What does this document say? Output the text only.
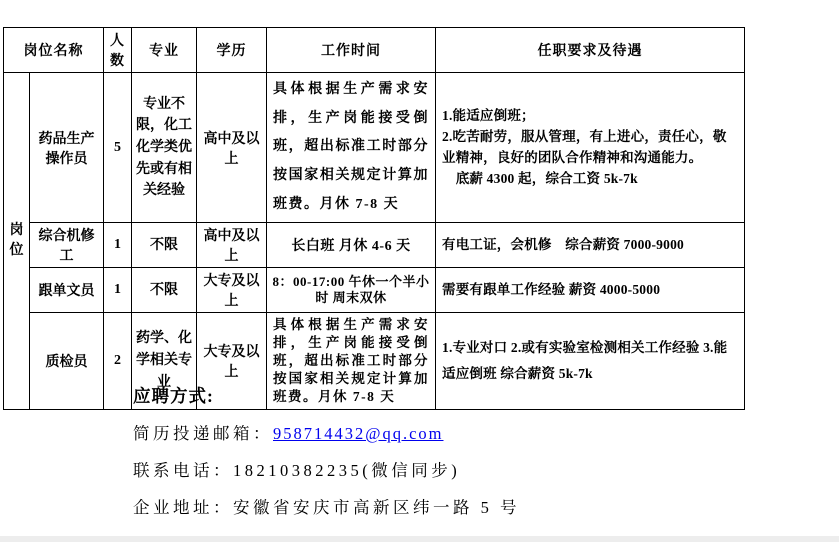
岗位名称		人数	专业	学历	工作时间	任职要求及待遇
岗位	药品生产操作员	5	专业不限，化工化学类优先或有相关经验	高中及以上	具体根据生产需求安排，生产岗能接受倒班，超出标准工时部分按国家相关规定计算加班费。月休 7-8 天	1.能适应倒班；
2.吃苦耐劳，服从管理，有上进心，责任心，敬业精神，良好的团队合作精神和沟通能力。
　底薪 4300 起，综合工资 5k-7k
	综合机修工	1	不限	高中及以上	长白班 月休 4-6 天	有电工证，会机修　综合薪资 7000-9000
	跟单文员	1	不限	大专及以上	8：00-17:00 午休一个半小时 周末双休	需要有跟单工作经验 薪资 4000-5000
	质检员	2	药学、化学相关专业	大专及以上	具体根据生产需求安排，生产岗能接受倒班，超出标准工时部分按国家相关规定计算加班费。月休 7-8 天	1.专业对口 2.或有实验室检测相关工作经验 3.能适应倒班 综合薪资 5k-7k
应聘方式:
简历投递邮箱：958714432@qq.com
联系电话：18210382235(微信同步)
企业地址：安徽省安庆市高新区纬一路 5 号
